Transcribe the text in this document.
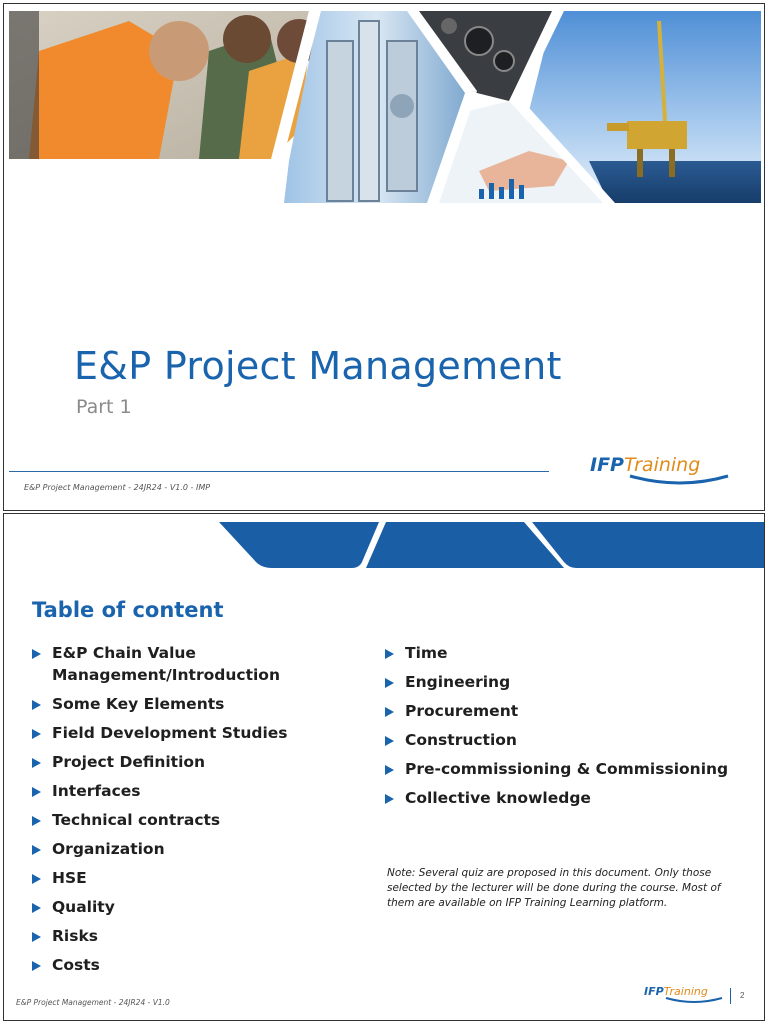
E&P Project Management
Part 1
E&P Project Management - 24JR24 - V1.0 - IMP
IFPTraining
Table of content
E&P Chain Value Management/Introduction
Some Key Elements
Field Development Studies
Project Definition
Interfaces
Technical contracts
Organization
HSE
Quality
Risks
Costs
Time
Engineering
Procurement
Construction
Pre-commissioning & Commissioning
Collective knowledge
Note: Several quiz are proposed in this document. Only those selected by the lecturer will be done during the course. Most of them are available on IFP Training Learning platform.
E&P Project Management - 24JR24 - V1.0
IFPTraining	2
